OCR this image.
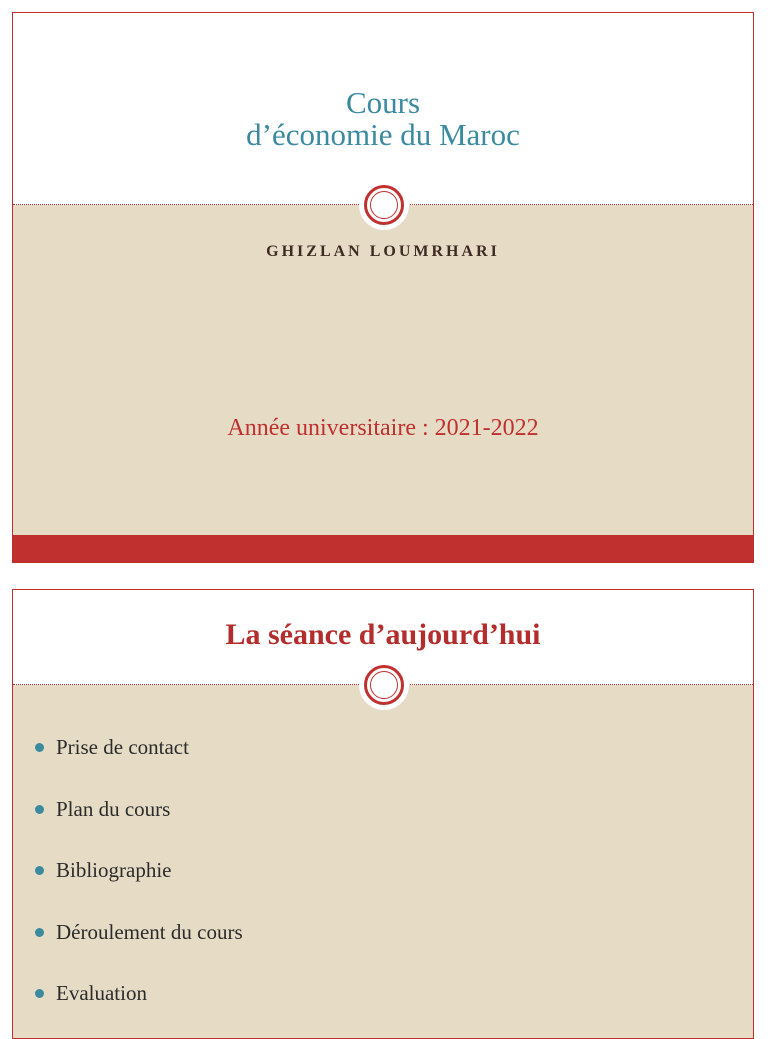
Cours
d’économie du Maroc
GHIZLAN LOUMRHARI
Année universitaire : 2021-2022
La séance d’aujourd’hui
Prise de contact
Plan du cours
Bibliographie
Déroulement du cours
Evaluation
